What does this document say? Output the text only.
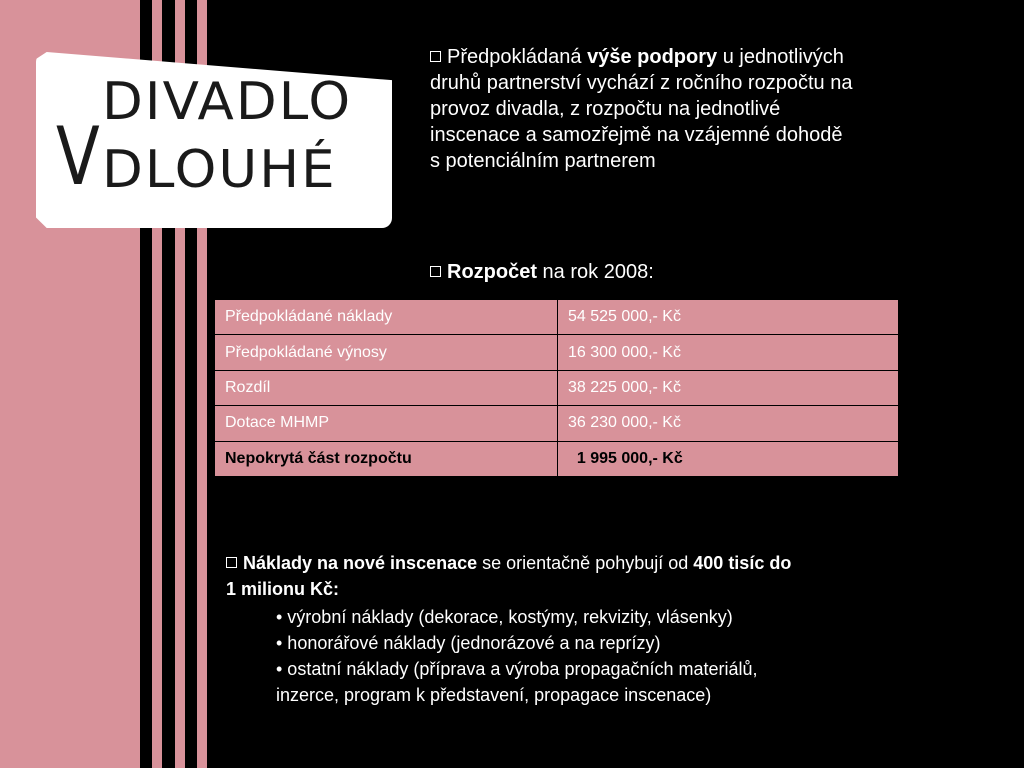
V
DIVADLO
DLOUHÉ
Předpokládaná výše podpory u jednotlivých
druhů partnerství vychází z ročního rozpočtu na
provoz divadla, z rozpočtu na jednotlivé
inscenace a samozřejmě na vzájemné dohodě
s potenciálním partnerem
Rozpočet na rok 2008:
Předpokládané náklady	54 525 000,- Kč
Předpokládané výnosy	16 300 000,- Kč
Rozdíl	38 225 000,- Kč
Dotace MHMP	36 230 000,- Kč
Nepokrytá část rozpočtu	1 995 000,- Kč
Náklady na nové inscenace se orientačně pohybují od 400 tisíc do
1 milionu Kč:
• výrobní náklady (dekorace, kostýmy, rekvizity, vlásenky)
• honorářové náklady (jednorázové a na reprízy)
• ostatní náklady (příprava a výroba propagačních materiálů,
inzerce, program k představení, propagace inscenace)
